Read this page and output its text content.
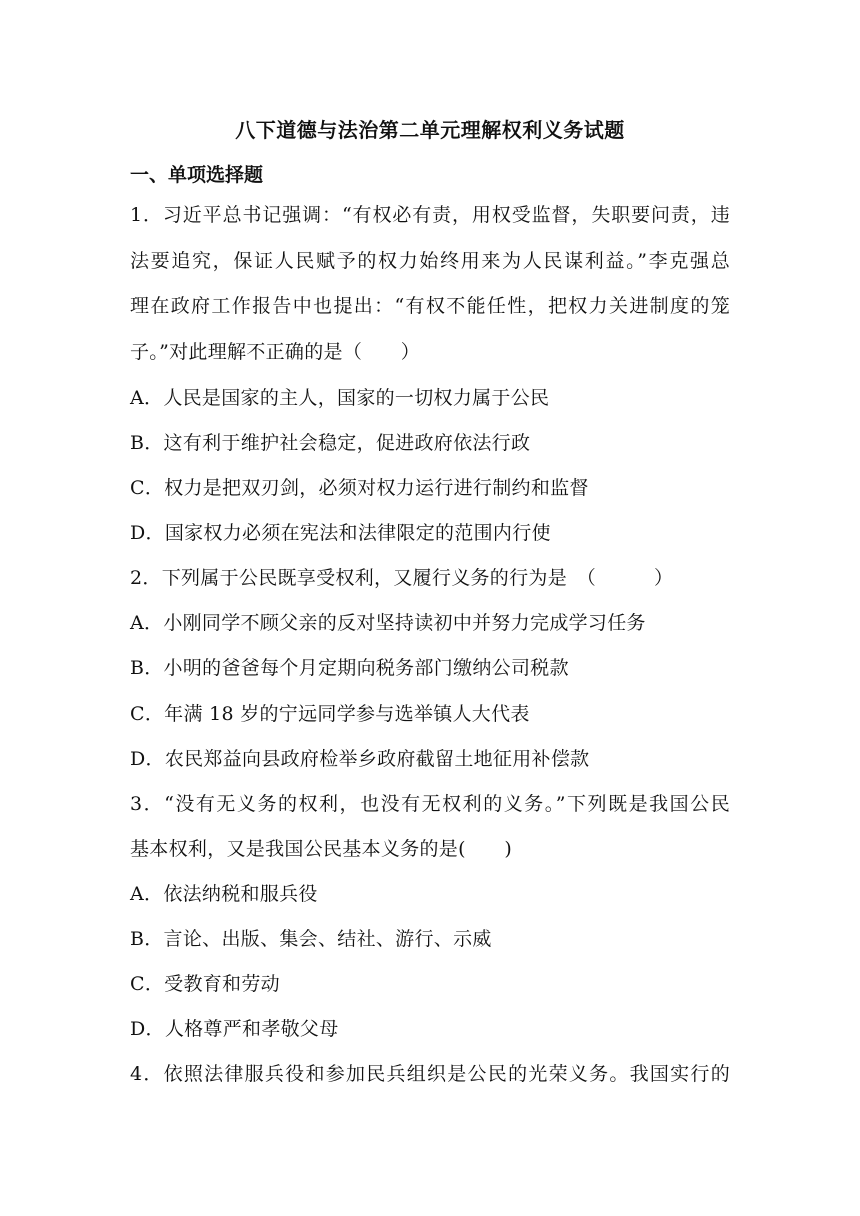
八下道德与法治第二单元理解权利义务试题
一、单项选择题
1．习近平总书记强调：“有权必有责，用权受监督，失职要问责，违
法要追究，保证人民赋予的权力始终用来为人民谋利益。”李克强总
理在政府工作报告中也提出：“有权不能任性，把权力关进制度的笼
子。”对此理解不正确的是（　　）
A．人民是国家的主人，国家的一切权力属于公民
B．这有利于维护社会稳定，促进政府依法行政
C．权力是把双刃剑，必须对权力运行进行制约和监督
D．国家权力必须在宪法和法律限定的范围内行使
2．下列属于公民既享受权利，又履行义务的行为是　（　　　）
A．小刚同学不顾父亲的反对坚持读初中并努力完成学习任务
B．小明的爸爸每个月定期向税务部门缴纳公司税款
C．年满 18 岁的宁远同学参与选举镇人大代表
D．农民郑益向县政府检举乡政府截留土地征用补偿款
3．“没有无义务的权利，也没有无权利的义务。”下列既是我国公民
基本权利，又是我国公民基本义务的是(　　)
A．依法纳税和服兵役
B．言论、出版、集会、结社、游行、示威
C．受教育和劳动
D．人格尊严和孝敬父母
4．依照法律服兵役和参加民兵组织是公民的光荣义务。我国实行的
